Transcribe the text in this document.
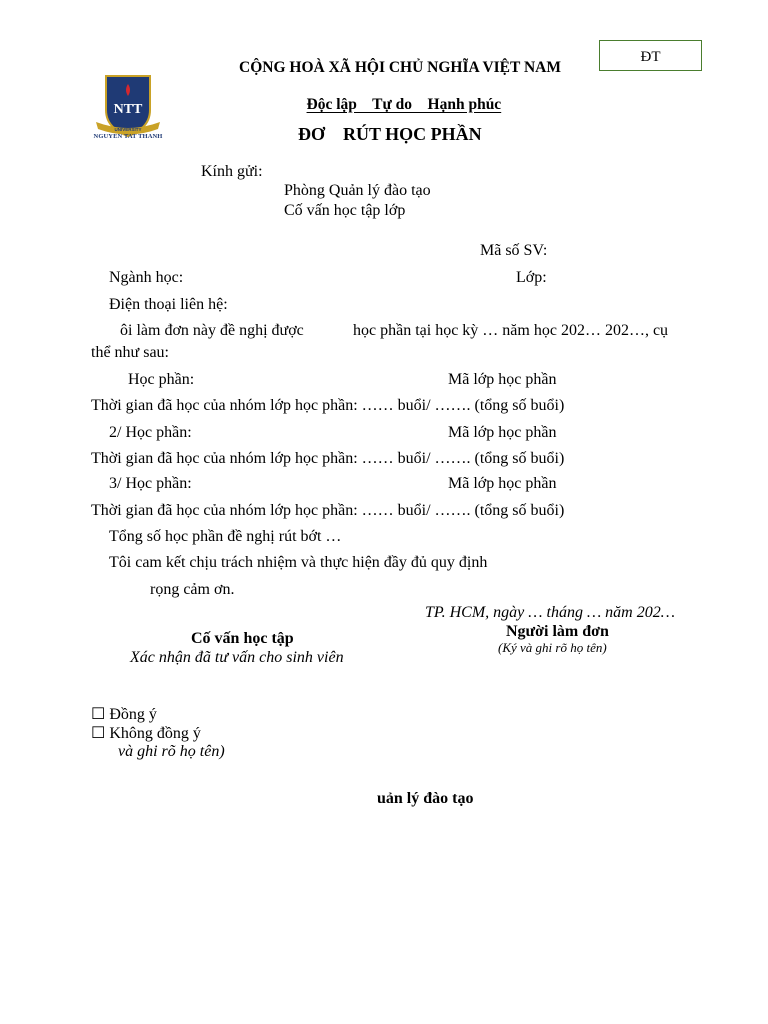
ĐT
NTT
UNIVERSITY
NGUYEN TAT THANH
CỘNG HOÀ XÃ HỘI CHỦ NGHĨA VIỆT NAM

Độc lập    Tự do    Hạnh phúc

ĐƠ    RÚT HỌC PHẦN
Kính gửi:
Phòng Quản lý đào tạo
Cố vấn học tập lớp
Mã số SV:
Ngành học:	Lớp:
Điện thoại liên hệ:
ôi làm đơn này đề nghị được	học phần tại học kỳ … năm học 202… 202…, cụ
thể như sau:
Học phần:	Mã lớp học phần
Thời gian đã học của nhóm lớp học phần: …… buổi/ ……. (tổng số buổi)
2/ Học phần:	Mã lớp học phần
Thời gian đã học của nhóm lớp học phần: …… buổi/ ……. (tổng số buổi)
3/ Học phần:	Mã lớp học phần
Thời gian đã học của nhóm lớp học phần: …… buổi/ ……. (tổng số buổi)
Tổng số học phần đề nghị rút bớt …
Tôi cam kết chịu trách nhiệm và thực hiện đầy đủ quy định
rọng cảm ơn.
TP. HCM, ngày … tháng … năm 202…
Người làm đơn
(Ký và ghi rõ họ tên)
Cố vấn học tập
Xác nhận đã tư vấn cho sinh viên
☐ Đồng ý
☐ Không đồng ý
và ghi rõ họ tên)
uản lý đào tạo
